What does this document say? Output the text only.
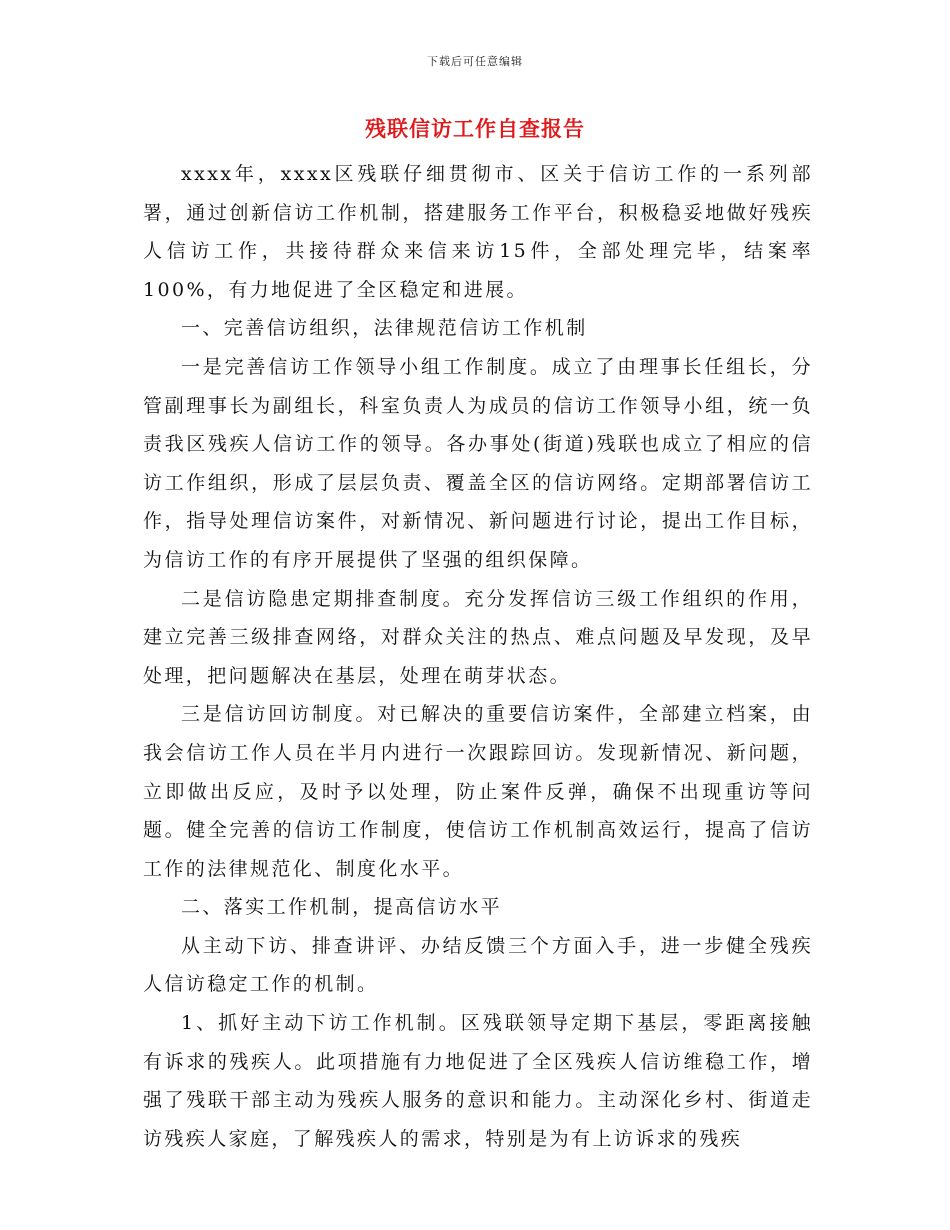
下载后可任意编辑
残联信访工作自查报告

xxxx年，xxxx区残联仔细贯彻市、区关于信访工作的一系列部署，通过创新信访工作机制，搭建服务工作平台，积极稳妥地做好残疾人信访工作，共接待群众来信来访15件，全部处理完毕，结案率100%，有力地促进了全区稳定和进展。

一、完善信访组织，法律规范信访工作机制

一是完善信访工作领导小组工作制度。成立了由理事长任组长，分管副理事长为副组长，科室负责人为成员的信访工作领导小组，统一负责我区残疾人信访工作的领导。各办事处(街道)残联也成立了相应的信访工作组织，形成了层层负责、覆盖全区的信访网络。定期部署信访工作，指导处理信访案件，对新情况、新问题进行讨论，提出工作目标，为信访工作的有序开展提供了坚强的组织保障。

二是信访隐患定期排查制度。充分发挥信访三级工作组织的作用，建立完善三级排查网络，对群众关注的热点、难点问题及早发现，及早处理，把问题解决在基层，处理在萌芽状态。

三是信访回访制度。对已解决的重要信访案件，全部建立档案，由我会信访工作人员在半月内进行一次跟踪回访。发现新情况、新问题，立即做出反应，及时予以处理，防止案件反弹，确保不出现重访等问题。健全完善的信访工作制度，使信访工作机制高效运行，提高了信访工作的法律规范化、制度化水平。

二、落实工作机制，提高信访水平

从主动下访、排查讲评、办结反馈三个方面入手，进一步健全残疾人信访稳定工作的机制。

1、抓好主动下访工作机制。区残联领导定期下基层，零距离接触有诉求的残疾人。此项措施有力地促进了全区残疾人信访维稳工作，增强了残联干部主动为残疾人服务的意识和能力。主动深化乡村、街道走访残疾人家庭，了解残疾人的需求，特别是为有上访诉求的残疾
